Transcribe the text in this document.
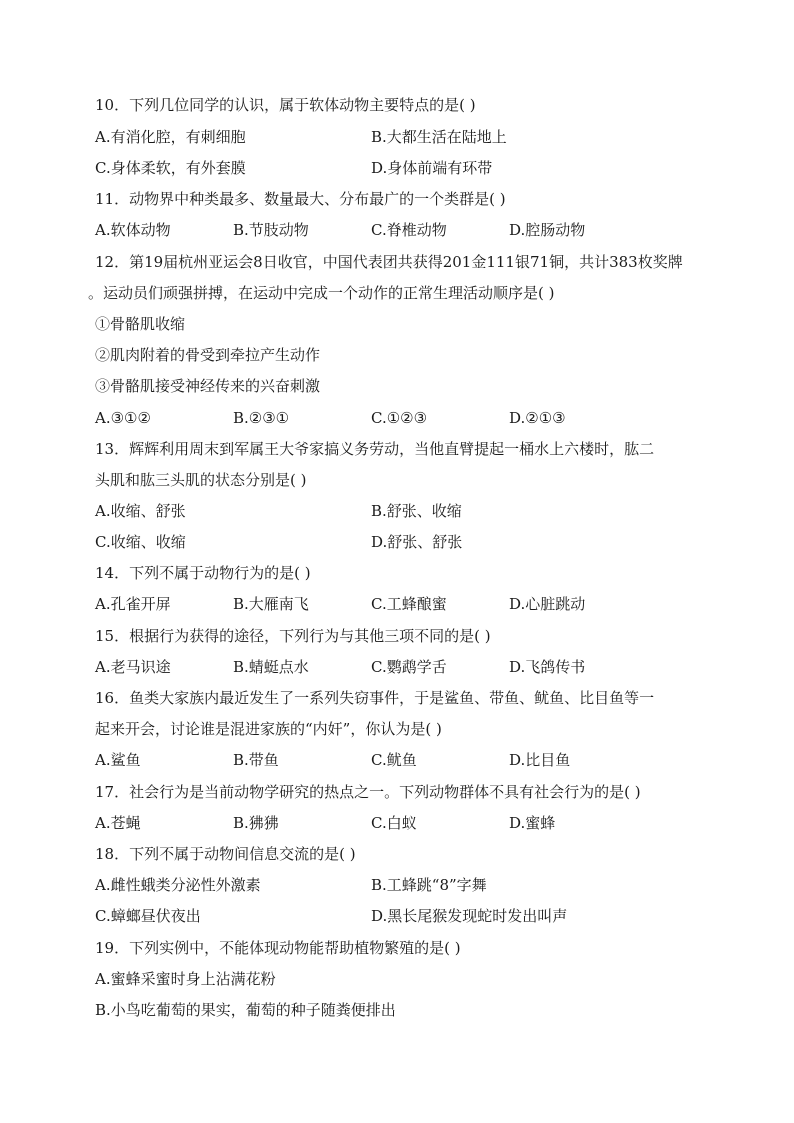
10．下列几位同学的认识，属于软体动物主要特点的是( )
A.有消化腔，有刺细胞	B.大都生活在陆地上
C.身体柔软，有外套膜	D.身体前端有环带
11．动物界中种类最多、数量最大、分布最广的一个类群是( )
A.软体动物	B.节肢动物	C.脊椎动物	D.腔肠动物
12．第19届杭州亚运会8日收官，中国代表团共获得201金111银71铜，共计383枚奖牌
。运动员们顽强拼搏，在运动中完成一个动作的正常生理活动顺序是( )
①骨骼肌收缩
②肌肉附着的骨受到牵拉产生动作
③骨骼肌接受神经传来的兴奋刺激
A.③①②	B.②③①	C.①②③	D.②①③
13．辉辉利用周末到军属王大爷家搞义务劳动，当他直臂提起一桶水上六楼时，肱二
头肌和肱三头肌的状态分别是( )
A.收缩、舒张	B.舒张、收缩
C.收缩、收缩	D.舒张、舒张
14．下列不属于动物行为的是( )
A.孔雀开屏	B.大雁南飞	C.工蜂酿蜜	D.心脏跳动
15．根据行为获得的途径，下列行为与其他三项不同的是( )
A.老马识途	B.蜻蜓点水	C.鹦鹉学舌	D.飞鸽传书
16．鱼类大家族内最近发生了一系列失窃事件，于是鲨鱼、带鱼、鱿鱼、比目鱼等一
起来开会，讨论谁是混进家族的“内奸”，你认为是( )
A.鲨鱼	B.带鱼	C.鱿鱼	D.比目鱼
17．社会行为是当前动物学研究的热点之一。下列动物群体不具有社会行为的是( )
A.苍蝇	B.狒狒	C.白蚁	D.蜜蜂
18．下列不属于动物间信息交流的是( )
A.雌性蛾类分泌性外激素	B.工蜂跳“8”字舞
C.蟑螂昼伏夜出	D.黑长尾猴发现蛇时发出叫声
19．下列实例中，不能体现动物能帮助植物繁殖的是( )
A.蜜蜂采蜜时身上沾满花粉
B.小鸟吃葡萄的果实，葡萄的种子随粪便排出
